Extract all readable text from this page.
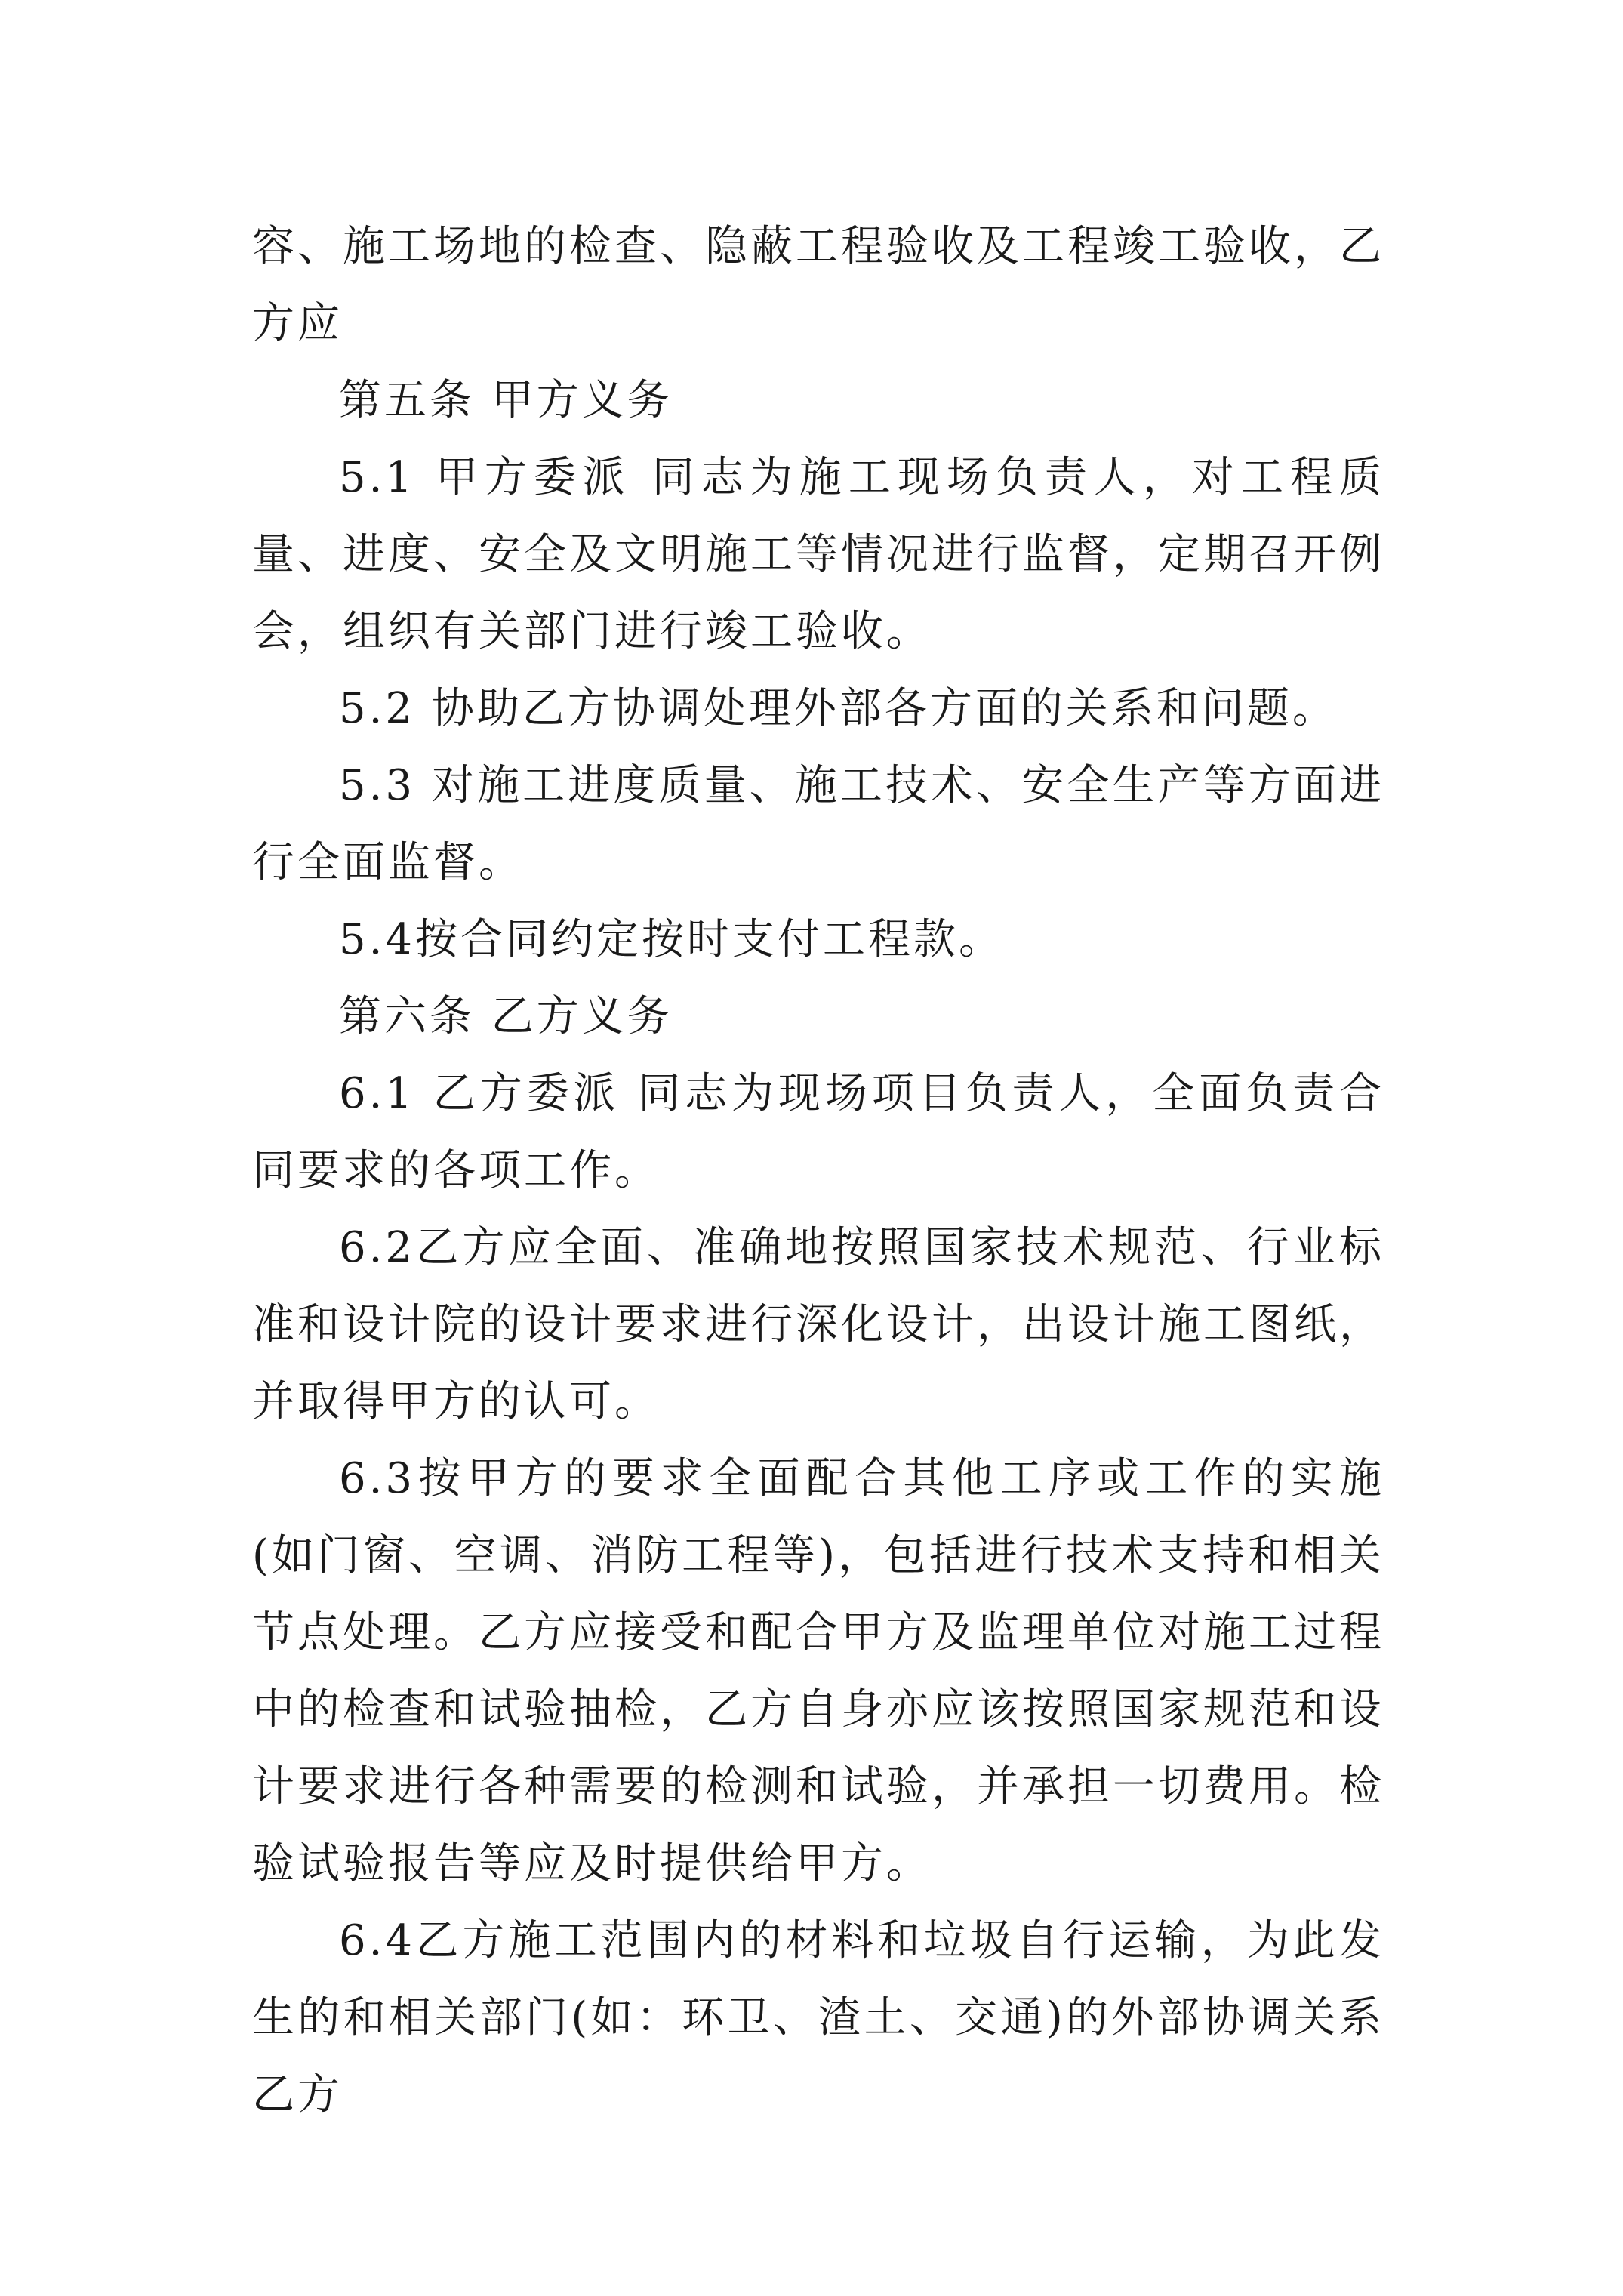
容、施工场地的检查、隐蔽工程验收及工程竣工验收，乙方应

第五条 甲方义务

5.1 甲方委派 同志为施工现场负责人，对工程质量、进度、安全及文明施工等情况进行监督，定期召开例会，组织有关部门进行竣工验收。

5.2 协助乙方协调处理外部各方面的关系和问题。

5.3 对施工进度质量、施工技术、安全生产等方面进行全面监督。

5.4按合同约定按时支付工程款。

第六条 乙方义务

6.1 乙方委派 同志为现场项目负责人，全面负责合同要求的各项工作。

6.2乙方应全面、准确地按照国家技术规范、行业标准和设计院的设计要求进行深化设计，出设计施工图纸，并取得甲方的认可。

6.3按甲方的要求全面配合其他工序或工作的实施(如门窗、空调、消防工程等)，包括进行技术支持和相关节点处理。乙方应接受和配合甲方及监理单位对施工过程中的检查和试验抽检，乙方自身亦应该按照国家规范和设计要求进行各种需要的检测和试验，并承担一切费用。检验试验报告等应及时提供给甲方。

6.4乙方施工范围内的材料和垃圾自行运输，为此发生的和相关部门(如：环卫、渣土、交通)的外部协调关系乙方
